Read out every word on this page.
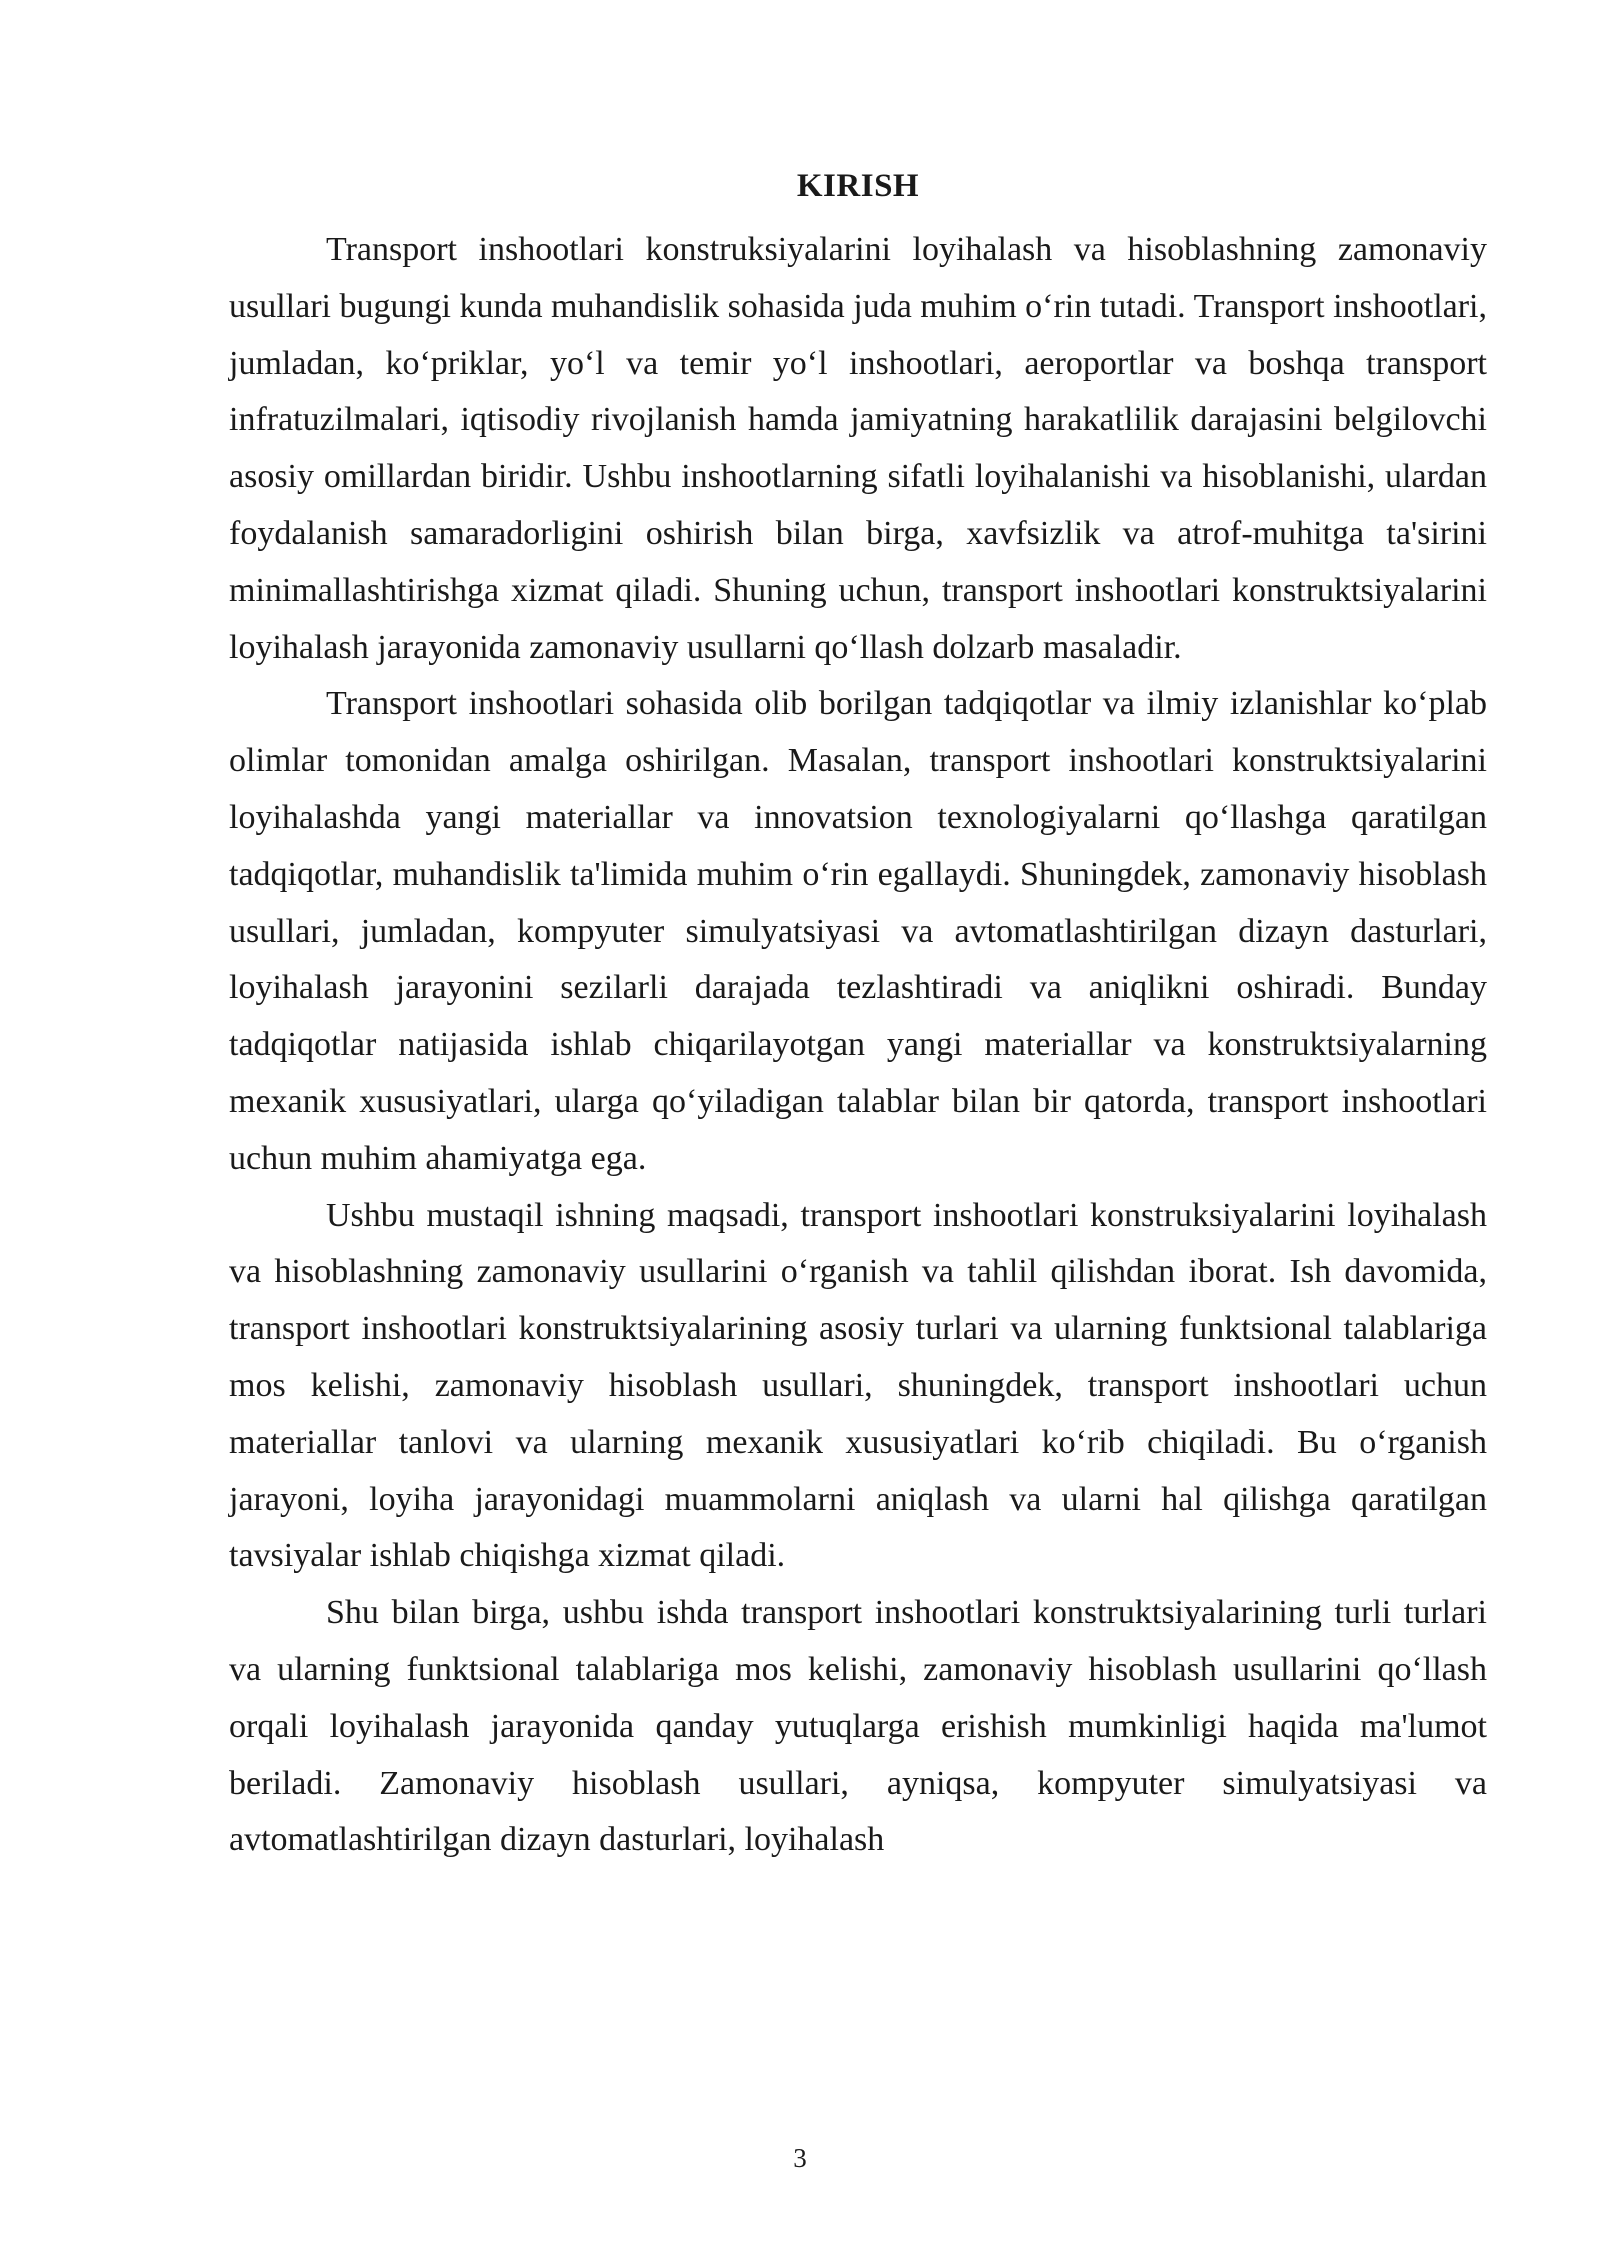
KIRISH

Transport inshootlari konstruksiyalarini loyihalash va hisoblashning zamonaviy usullari bugungi kunda muhandislik sohasida juda muhim o‘rin tutadi. Transport inshootlari, jumladan, ko‘priklar, yo‘l va temir yo‘l inshootlari, aeroportlar va boshqa transport infratuzilmalari, iqtisodiy rivojlanish hamda jamiyatning harakatlilik darajasini belgilovchi asosiy omillardan biridir. Ushbu inshootlarning sifatli loyihalanishi va hisoblanishi, ulardan foydalanish samaradorligini oshirish bilan birga, xavfsizlik va atrof-muhitga ta'sirini minimallashtirishga xizmat qiladi. Shuning uchun, transport inshootlari konstruktsiyalarini loyihalash jarayonida zamonaviy usullarni qo‘llash dolzarb masaladir.

Transport inshootlari sohasida olib borilgan tadqiqotlar va ilmiy izlanishlar ko‘plab olimlar tomonidan amalga oshirilgan. Masalan, transport inshootlari konstruktsiyalarini loyihalashda yangi materiallar va innovatsion texnologiyalarni qo‘llashga qaratilgan tadqiqotlar, muhandislik ta'limida muhim o‘rin egallaydi. Shuningdek, zamonaviy hisoblash usullari, jumladan, kompyuter simulyatsiyasi va avtomatlashtirilgan dizayn dasturlari, loyihalash jarayonini sezilarli darajada tezlashtiradi va aniqlikni oshiradi. Bunday tadqiqotlar natijasida ishlab chiqarilayotgan yangi materiallar va konstruktsiyalarning mexanik xususiyatlari, ularga qo‘yiladigan talablar bilan bir qatorda, transport inshootlari uchun muhim ahamiyatga ega.

Ushbu mustaqil ishning maqsadi, transport inshootlari konstruksiyalarini loyihalash va hisoblashning zamonaviy usullarini o‘rganish va tahlil qilishdan iborat. Ish davomida, transport inshootlari konstruktsiyalarining asosiy turlari va ularning funktsional talablariga mos kelishi, zamonaviy hisoblash usullari, shuningdek, transport inshootlari uchun materiallar tanlovi va ularning mexanik xususiyatlari ko‘rib chiqiladi. Bu o‘rganish jarayoni, loyiha jarayonidagi muammolarni aniqlash va ularni hal qilishga qaratilgan tavsiyalar ishlab chiqishga xizmat qiladi.

Shu bilan birga, ushbu ishda transport inshootlari konstruktsiyalarining turli turlari va ularning funktsional talablariga mos kelishi, zamonaviy hisoblash usullarini qo‘llash orqali loyihalash jarayonida qanday yutuqlarga erishish mumkinligi haqida ma'lumot beriladi. Zamonaviy hisoblash usullari, ayniqsa, kompyuter simulyatsiyasi va avtomatlashtirilgan dizayn dasturlari, loyihalash

3
